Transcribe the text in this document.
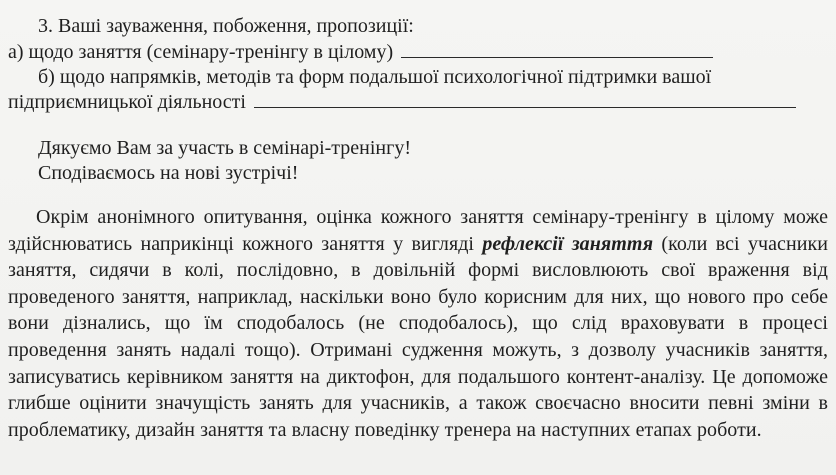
3. Ваші зауваження, побоження, пропозиції:
а) щодо заняття (семінару-тренінгу в цілому)
б) щодо напрямків, методів та форм подальшої психологічної підтримки вашої
підприємницької діяльності
Дякуємо Вам за участь в семінарі-тренінгу!
Сподіваємось на нові зустрічі!
Окрім анонімного опитування, оцінка кожного заняття семінару-тренінгу в цілому може здійснюватись наприкінці кожного заняття у вигляді рефлексії заняття (коли всі учасники заняття, сидячи в колі, послідовно, в довільній формі висловлюють свої враження від проведеного заняття, наприклад, наскільки воно було корисним для них, що нового про себе вони дізнались, що їм сподобалось (не сподобалось), що слід враховувати в процесі проведення занять надалі тощо). Отримані судження можуть, з дозволу учасників заняття, записуватись керівником заняття на диктофон, для подальшого контент-аналізу. Це допоможе глибше оцінити значущість занять для учасників, а також своєчасно вносити певні зміни в проблематику, дизайн заняття та власну поведінку тренера на наступних етапах роботи.
